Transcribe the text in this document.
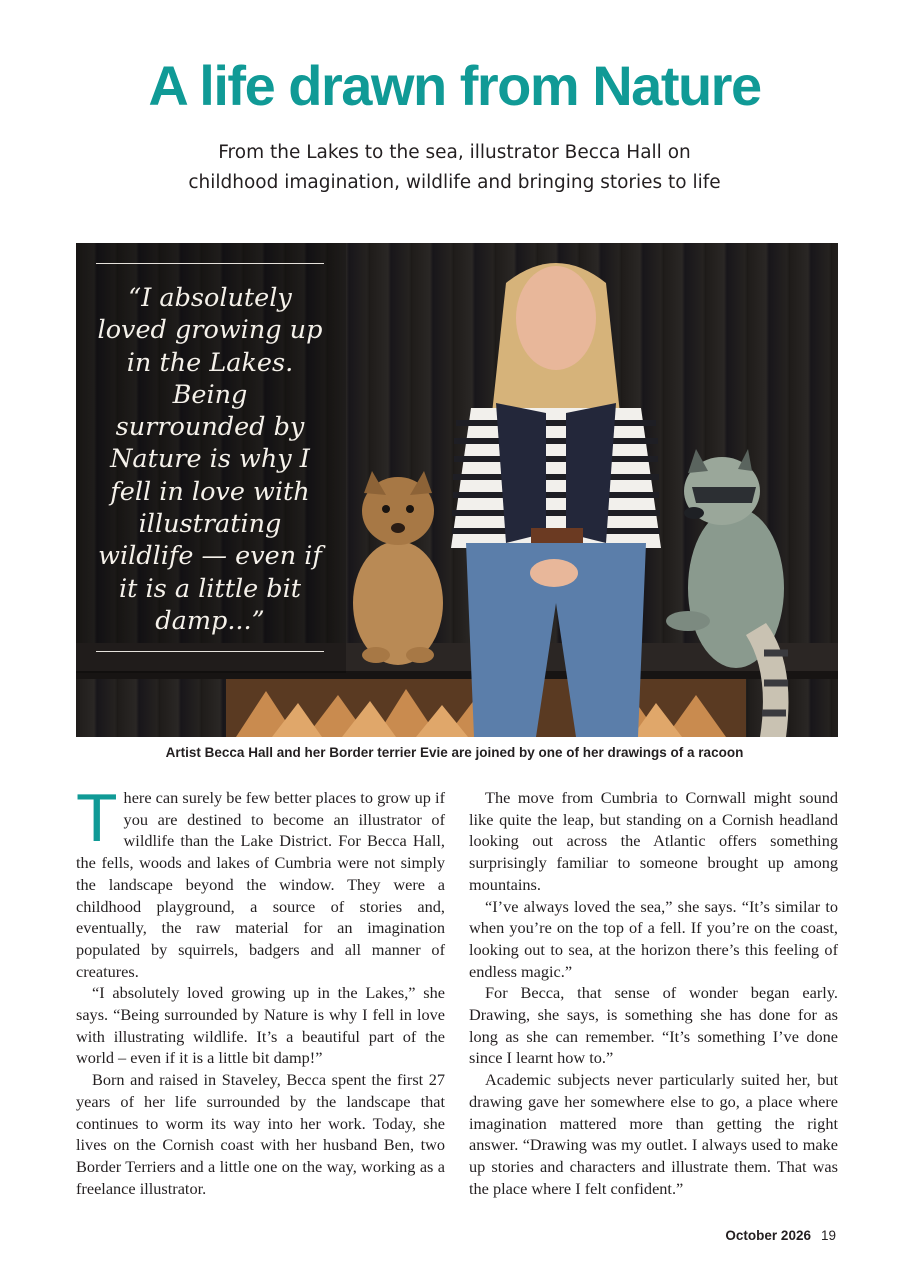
A life drawn from Nature
From the Lakes to the sea, illustrator Becca Hall on
childhood imagination, wildlife and bringing stories to life
“I absolutely loved growing up in the Lakes. Being surrounded by Nature is why I fell in love with illustrating wildlife — even if it is a little bit damp...”
Artist Becca Hall and her Border terrier Evie are joined by one of her drawings of a racoon

There can surely be few better places to grow up if you are destined to become an illustrator of wildlife than the Lake District. For Becca Hall, the fells, woods and lakes of Cumbria were not simply the landscape beyond the window. They were a childhood playground, a source of stories and, eventually, the raw material for an imagination populated by squirrels, badgers and all manner of creatures.

“I absolutely loved growing up in the Lakes,” she says. “Being surrounded by Nature is why I fell in love with illustrating wildlife. It’s a beautiful part of the world – even if it is a little bit damp!”

Born and raised in Staveley, Becca spent the first 27 years of her life surrounded by the landscape that continues to worm its way into her work. Today, she lives on the Cornish coast with her husband Ben, two Border Terriers and a little one on the way, working as a freelance illustrator.

The move from Cumbria to Cornwall might sound like quite the leap, but standing on a Cornish headland looking out across the Atlantic offers something surprisingly familiar to someone brought up among mountains.

“I’ve always loved the sea,” she says. “It’s similar to when you’re on the top of a fell. If you’re on the coast, looking out to sea, at the horizon there’s this feeling of endless magic.”

For Becca, that sense of wonder began early. Drawing, she says, is something she has done for as long as she can remember. “It’s something I’ve done since I learnt how to.”

Academic subjects never particularly suited her, but drawing gave her somewhere else to go, a place where imagination mattered more than getting the right answer. “Drawing was my outlet. I always used to make up stories and characters and illustrate them. That was the place where I felt confident.”

October 2026 19
